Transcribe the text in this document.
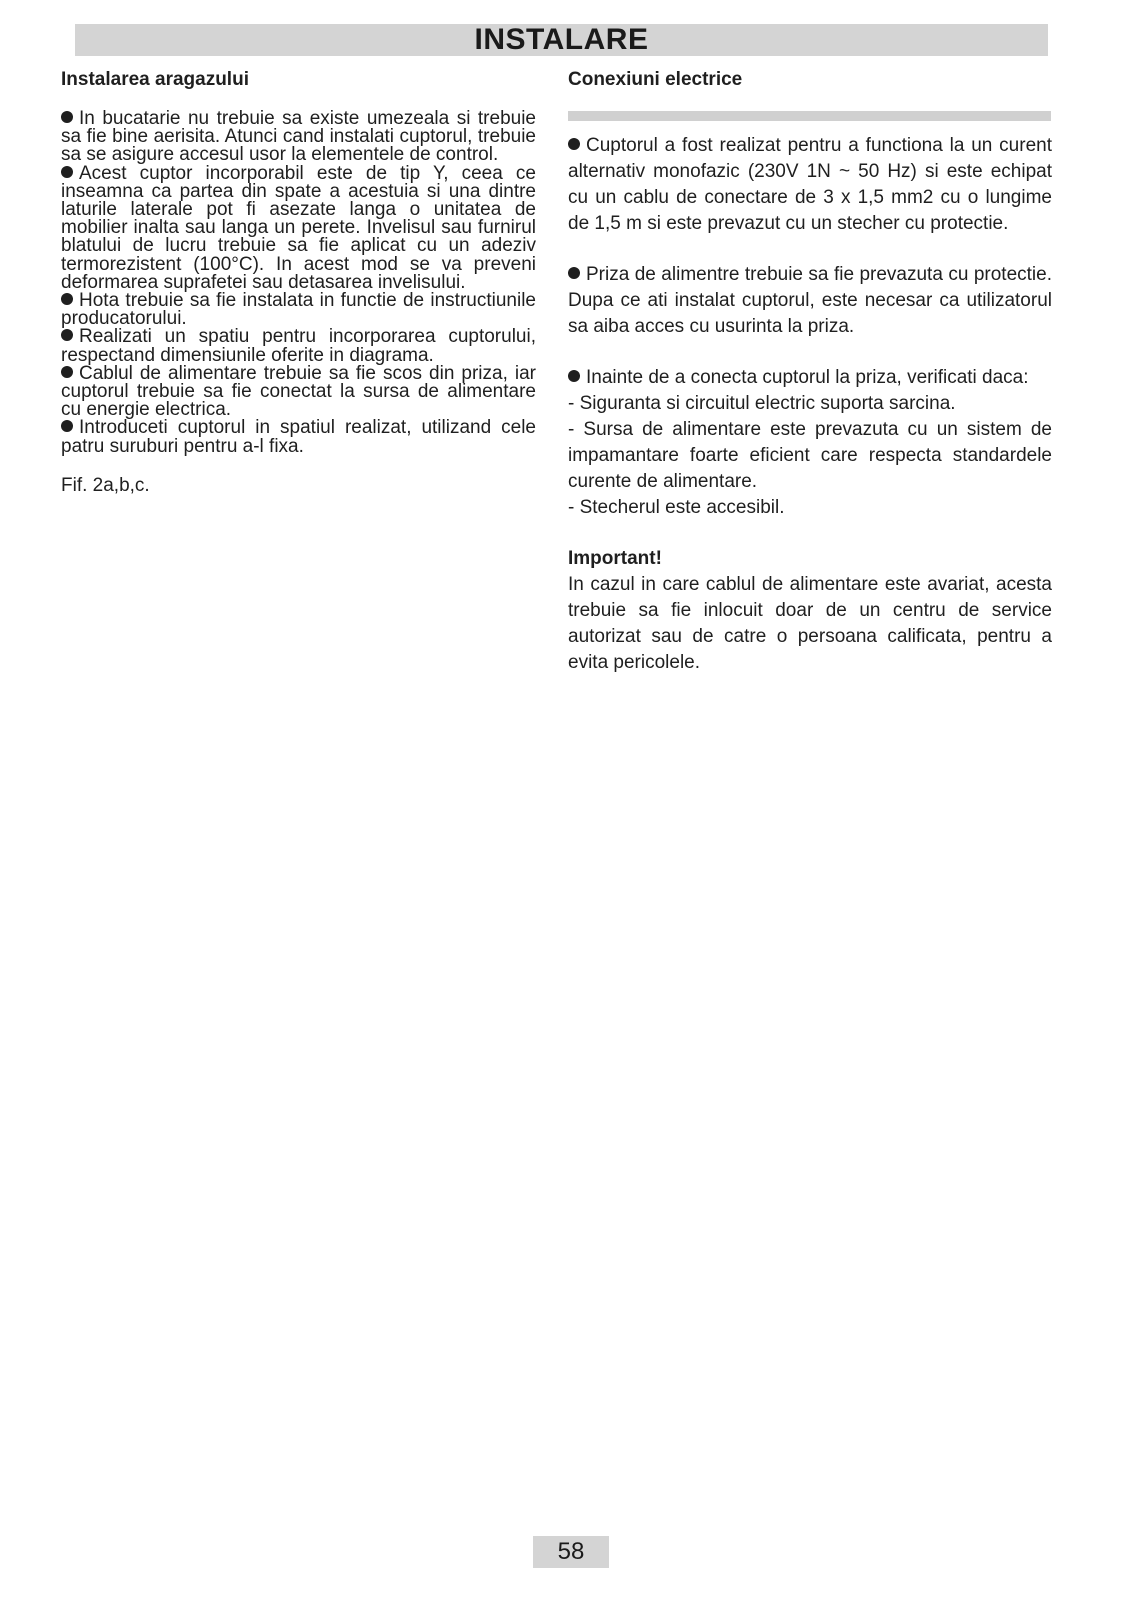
INSTALARE
Instalarea aragazului

In bucatarie nu trebuie sa existe umezeala si trebuie sa fie bine aerisita. Atunci cand instalati cuptorul, trebuie sa se asigure accesul usor la elementele de control.

Acest cuptor incorporabil este de tip Y, ceea ce inseamna ca partea din spate a acestuia si una dintre laturile laterale pot fi asezate langa o unitatea de mobilier inalta sau langa un perete. Invelisul sau furnirul blatului de lucru trebuie sa fie aplicat cu un adeziv termorezistent (100°C). In acest mod se va preveni deformarea suprafetei sau detasarea invelisului.

Hota trebuie sa fie instalata in functie de instructiunile producatorului.

Realizati un spatiu pentru incorporarea cuptorului, respectand dimensiunile oferite in diagrama.

Cablul de alimentare trebuie sa fie scos din priza, iar cuptorul trebuie sa fie conectat la sursa de alimentare cu energie electrica.

Introduceti cuptorul in spatiul realizat, utilizand cele patru suruburi pentru a-l fixa.

Fif. 2a,b,c.
Conexiuni electrice

Cuptorul a fost realizat pentru a functiona la un curent alternativ monofazic (230V 1N ~ 50 Hz) si este echipat cu un cablu de conectare de 3 x 1,5 mm2 cu o lungime de 1,5 m si este prevazut cu un stecher cu protectie.

Priza de alimentre trebuie sa fie prevazuta cu protectie. Dupa ce ati instalat cuptorul, este necesar ca utilizatorul sa aiba acces cu usurinta la priza.

Inainte de a conecta cuptorul la priza, verificati daca:

- Siguranta si circuitul electric suporta sarcina.

- Sursa de alimentare este prevazuta cu un sistem de impamantare foarte eficient care respecta standardele curente de alimentare.

- Stecherul este accesibil.

Important!

In cazul in care cablul de alimentare este avariat, acesta trebuie sa fie inlocuit doar de un centru de service autorizat sau de catre o persoana calificata, pentru a evita pericolele.

58
